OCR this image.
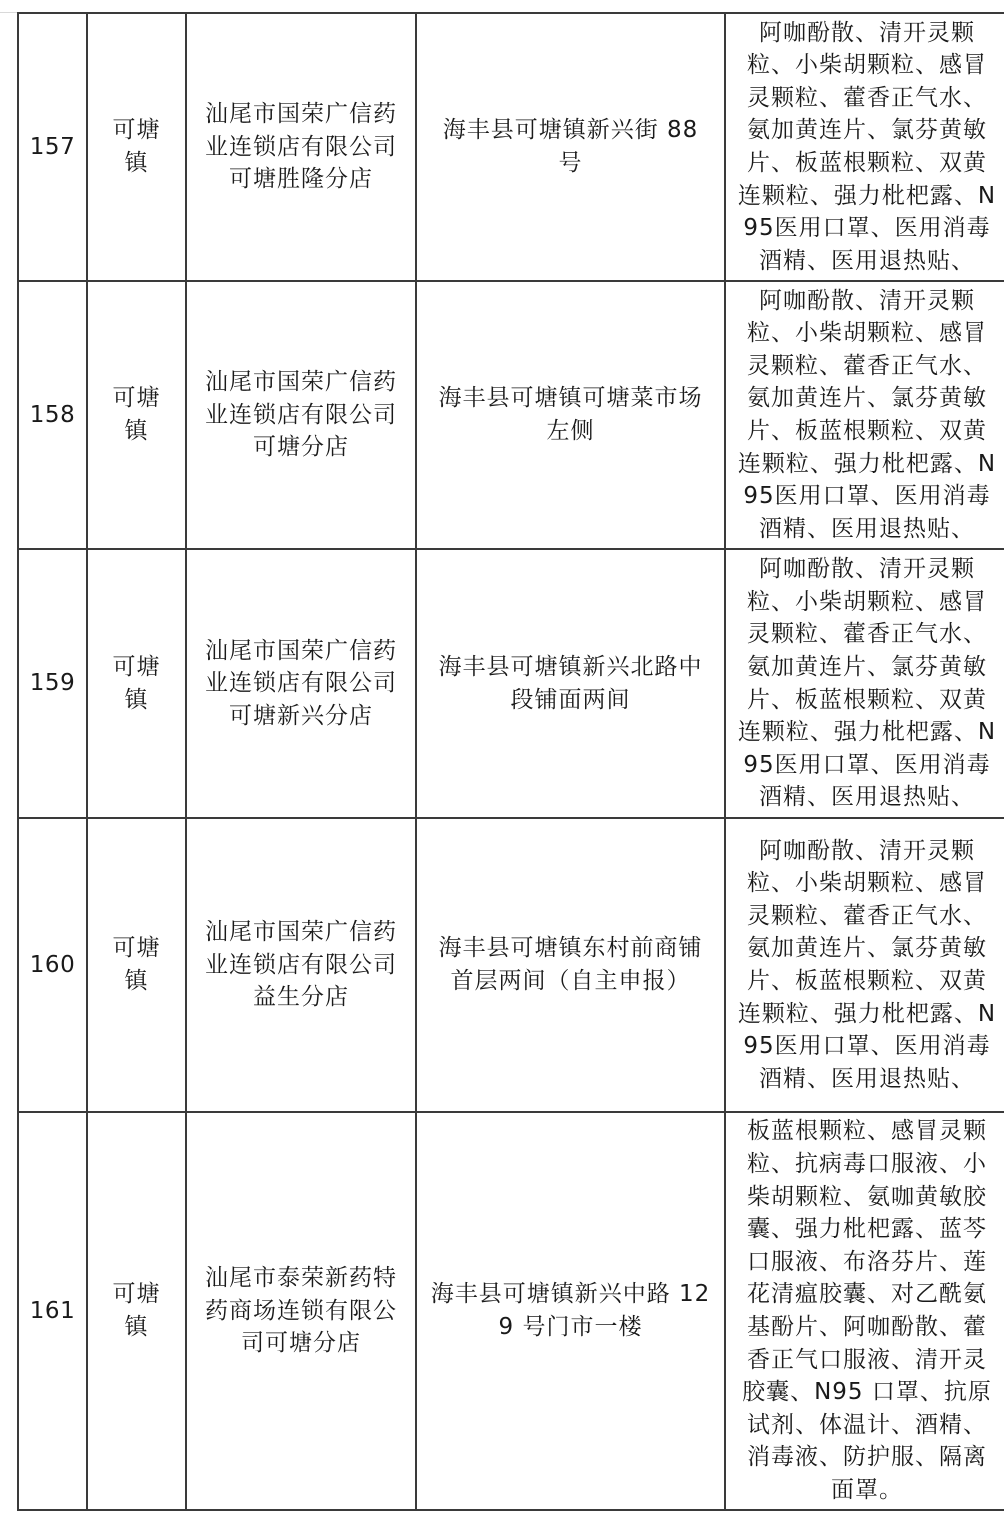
157	可塘镇	汕尾市国荣广信药业连锁店有限公司可塘胜隆分店	海丰县可塘镇新兴街 88 号	阿咖酚散、清开灵颗粒、小柴胡颗粒、感冒灵颗粒、藿香正气水、氨加黄连片、氯芬黄敏片、板蓝根颗粒、双黄连颗粒、强力枇杷露、N95医用口罩、医用消毒酒精、医用退热贴、

158	可塘镇	汕尾市国荣广信药业连锁店有限公司可塘分店	海丰县可塘镇可塘菜市场左侧	阿咖酚散、清开灵颗粒、小柴胡颗粒、感冒灵颗粒、藿香正气水、氨加黄连片、氯芬黄敏片、板蓝根颗粒、双黄连颗粒、强力枇杷露、N95医用口罩、医用消毒酒精、医用退热贴、

159	可塘镇	汕尾市国荣广信药业连锁店有限公司可塘新兴分店	海丰县可塘镇新兴北路中段铺面两间	阿咖酚散、清开灵颗粒、小柴胡颗粒、感冒灵颗粒、藿香正气水、氨加黄连片、氯芬黄敏片、板蓝根颗粒、双黄连颗粒、强力枇杷露、N95医用口罩、医用消毒酒精、医用退热贴、

160	可塘镇	汕尾市国荣广信药业连锁店有限公司益生分店	海丰县可塘镇东村前商铺首层两间（自主申报）	阿咖酚散、清开灵颗粒、小柴胡颗粒、感冒灵颗粒、藿香正气水、氨加黄连片、氯芬黄敏片、板蓝根颗粒、双黄连颗粒、强力枇杷露、N95医用口罩、医用消毒酒精、医用退热贴、

161	可塘镇	汕尾市泰荣新药特药商场连锁有限公司可塘分店	海丰县可塘镇新兴中路 129 号门市一楼	板蓝根颗粒、感冒灵颗粒、抗病毒口服液、小柴胡颗粒、氨咖黄敏胶囊、强力枇杷露、蓝芩口服液、布洛芬片、莲花清瘟胶囊、对乙酰氨基酚片、阿咖酚散、藿香正气口服液、清开灵胶囊、N95 口罩、抗原试剂、体温计、酒精、消毒液、防护服、隔离面罩。
